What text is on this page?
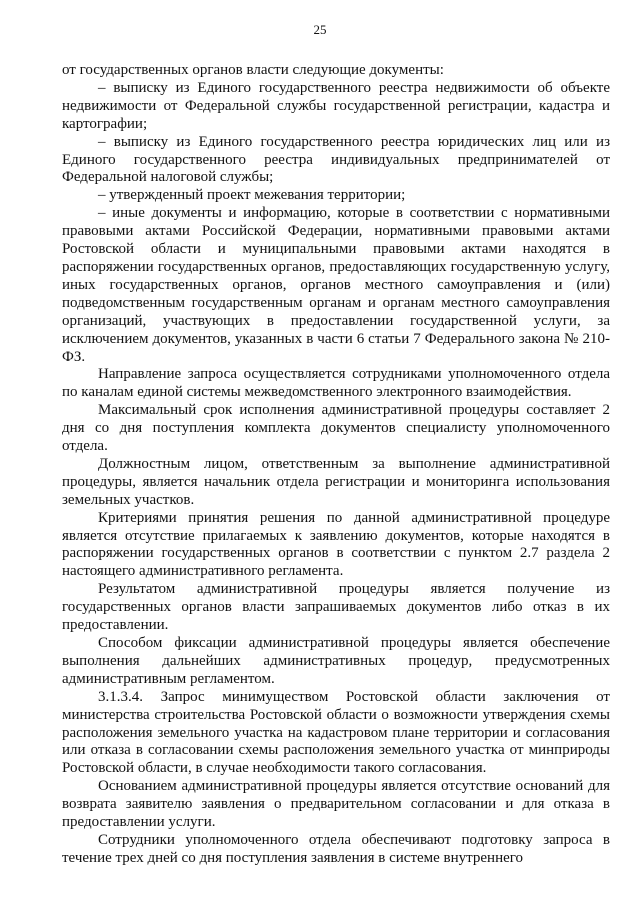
25

от государственных органов власти следующие документы:

– выписку из Единого государственного реестра недвижимости об объекте недвижимости от Федеральной службы государственной регистрации, кадастра и картографии;

– выписку из Единого государственного реестра юридических лиц или из Единого государственного реестра индивидуальных предпринимателей от Федеральной налоговой службы;

– утвержденный проект межевания территории;

– иные документы и информацию, которые в соответствии с нормативными правовыми актами Российской Федерации, нормативными правовыми актами Ростовской области и муниципальными правовыми актами находятся в распоряжении государственных органов, предоставляющих государственную услугу, иных государственных органов, органов местного самоуправления и (или) подведомственным государственным органам и органам местного самоуправления организаций, участвующих в предоставлении государственной услуги, за исключением документов, указанных в части 6 статьи 7 Федерального закона № 210-ФЗ.

Направление запроса осуществляется сотрудниками уполномоченного отдела по каналам единой системы межведомственного электронного взаимодействия.

Максимальный срок исполнения административной процедуры составляет 2 дня со дня поступления комплекта документов специалисту уполномоченного отдела.

Должностным лицом, ответственным за выполнение административной процедуры, является начальник отдела регистрации и мониторинга использования земельных участков.

Критериями принятия решения по данной административной процедуре является отсутствие прилагаемых к заявлению документов, которые находятся в распоряжении государственных органов в соответствии с пунктом 2.7 раздела 2 настоящего административного регламента.

Результатом административной процедуры является получение из государственных органов власти запрашиваемых документов либо отказ в их предоставлении.

Способом фиксации административной процедуры является обеспечение выполнения дальнейших административных процедур, предусмотренных административным регламентом.

3.1.3.4. Запрос минимуществом Ростовской области заключения от министерства строительства Ростовской области о возможности утверждения схемы расположения земельного участка на кадастровом плане территории и согласования или отказа в согласовании схемы расположения земельного участка от минприроды Ростовской области, в случае необходимости такого согласования.

Основанием административной процедуры является отсутствие оснований для возврата заявителю заявления о предварительном согласовании и для отказа в предоставлении услуги.

Сотрудники уполномоченного отдела обеспечивают подготовку запроса в течение трех дней со дня поступления заявления в системе внутреннего
